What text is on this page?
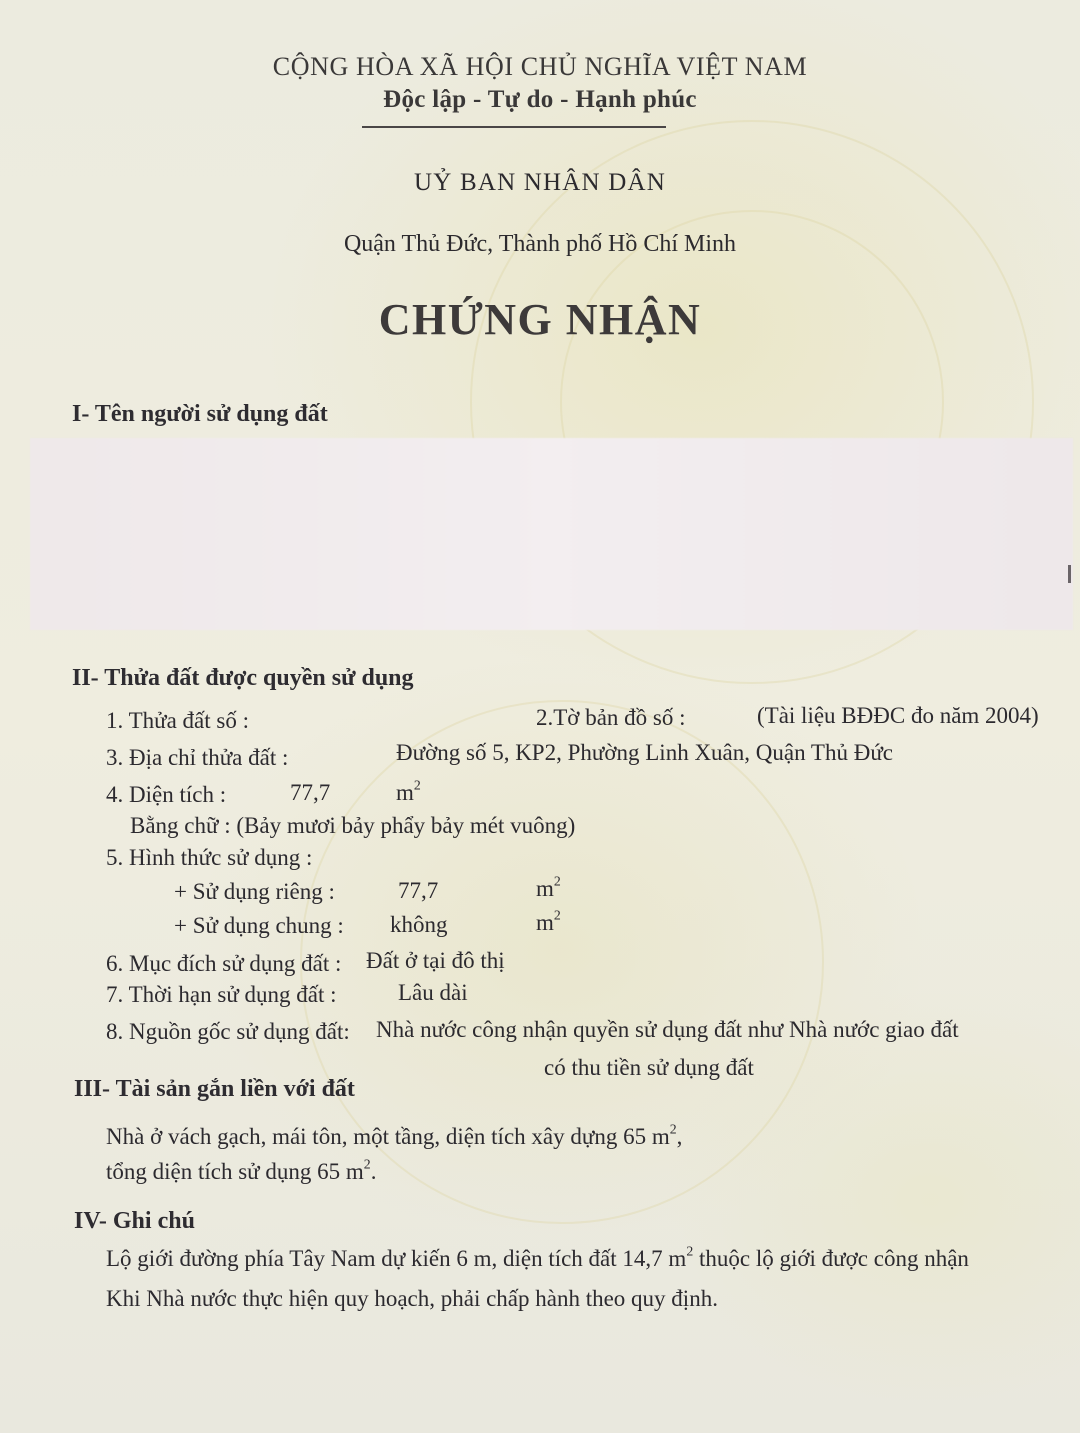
CỘNG HÒA XÃ HỘI CHỦ NGHĨA VIỆT NAM
Độc lập - Tự do - Hạnh phúc
UỶ BAN NHÂN DÂN
Quận Thủ Đức, Thành phố Hồ Chí Minh
CHỨNG NHẬN
I- Tên người sử dụng đất
II- Thửa đất được quyền sử dụng
1. Thửa đất số :	2.Tờ bản đồ số :	(Tài liệu BĐĐC đo năm 2004)
3. Địa chỉ thửa đất :	Đường số 5, KP2, Phường Linh Xuân, Quận Thủ Đức
4. Diện tích :	77,7	$m^2$
Bằng chữ : (Bảy mươi bảy phẩy bảy mét vuông)
5. Hình thức sử dụng :
+ Sử dụng riêng :	77,7	$m^2$
+ Sử dụng chung : không	$m^2$
6. Mục đích sử dụng đất : Đất ở tại đô thị
7. Thời hạn sử dụng đất :	Lâu dài
8. Nguồn gốc sử dụng đất: Nhà nước công nhận quyền sử dụng đất như Nhà nước giao đất
có thu tiền sử dụng đất
III- Tài sản gắn liền với đất
Nhà ở vách gạch, mái tôn, một tầng, diện tích xây dựng 65 $m^2$,
tổng diện tích sử dụng 65 $m^2$.
IV- Ghi chú
Lộ giới đường phía Tây Nam dự kiến 6 m, diện tích đất 14,7 $m^2$ thuộc lộ giới được công nhận
Khi Nhà nước thực hiện quy hoạch, phải chấp hành theo quy định.
